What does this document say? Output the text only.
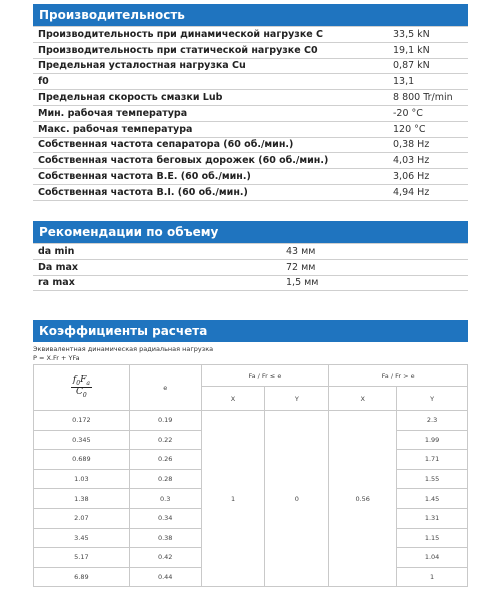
Производительность
Производительность при динамической нагрузке C	33,5 kN
Производительность при статической нагрузке C0	19,1 kN
Предельная усталостная нагрузка Cu	0,87 kN
f0	13,1
Предельная скорость смазки Lub	8 800 Tr/min
Мин. рабочая температура	-20 °C
Макс. рабочая температура	120 °C
Собственная частота сепаратора (60 об./мин.)	0,38 Hz
Собственная частота беговых дорожек (60 об./мин.)	4,03 Hz
Собственная частота B.E. (60 об./мин.)	3,06 Hz
Собственная частота B.I. (60 об./мин.)	4,94 Hz
Рекомендации по объему
da min	43 мм
Da max	72 мм
ra max	1,5 мм
Коэффициенты расчета
Эквивалентная динамическая радиальная нагрузка
P = X.Fr + YFa
$\frac{f_0F_a}{C_0}$	e	Fa / Fr ≤ e		Fa / Fr > e	
		X	Y	X	Y
0.172	0.19	1	0	0.56	2.3
0.345	0.22				1.99
0.689	0.26				1.71
1.03	0.28				1.55
1.38	0.3				1.45
2.07	0.34				1.31
3.45	0.38				1.15
5.17	0.42				1.04
6.89	0.44				1
